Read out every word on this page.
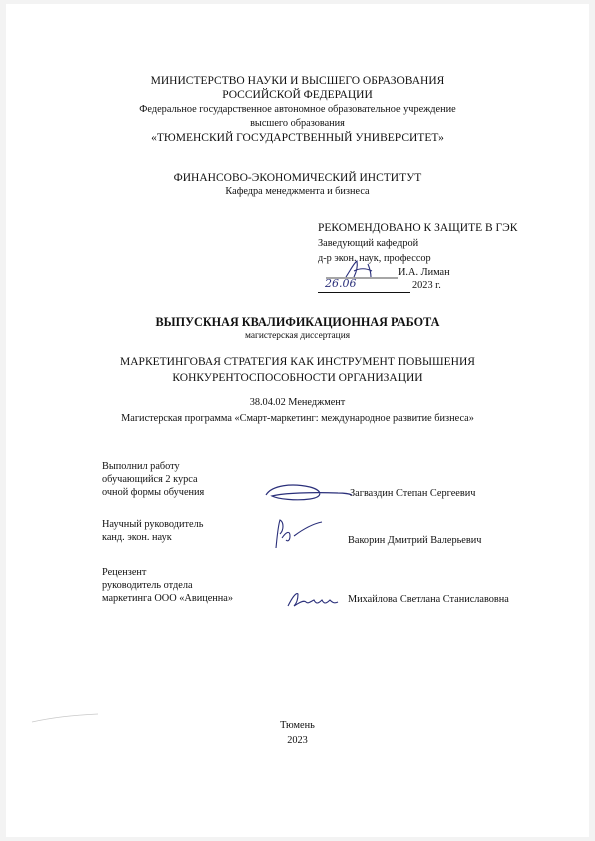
МИНИСТЕРСТВО НАУКИ И ВЫСШЕГО ОБРАЗОВАНИЯ
РОССИЙСКОЙ ФЕДЕРАЦИИ
Федеральное государственное автономное образовательное учреждение
высшего образования
«ТЮМЕНСКИЙ ГОСУДАРСТВЕННЫЙ УНИВЕРСИТЕТ»
ФИНАНСОВО-ЭКОНОМИЧЕСКИЙ ИНСТИТУТ
Кафедра менеджмента и бизнеса
РЕКОМЕНДОВАНО К ЗАЩИТЕ В ГЭК
Заведующий кафедрой
д-р экон. наук, профессор
И.А. Лиман
26.06	2023 г.
ВЫПУСКНАЯ КВАЛИФИКАЦИОННАЯ РАБОТА
магистерская диссертация
МАРКЕТИНГОВАЯ СТРАТЕГИЯ КАК ИНСТРУМЕНТ ПОВЫШЕНИЯ
КОНКУРЕНТОСПОСОБНОСТИ ОРГАНИЗАЦИИ
38.04.02 Менеджмент
Магистерская программа «Смарт-маркетинг: международное развитие бизнеса»
Выполнил работу
обучающийся 2 курса
очной формы обучения	Загваздин Степан Сергеевич
Научный руководитель
канд. экон. наук	Вакорин Дмитрий Валерьевич
Рецензент
руководитель отдела
маркетинга ООО «Авиценна»	Михайлова Светлана Станиславовна
Тюмень
2023
